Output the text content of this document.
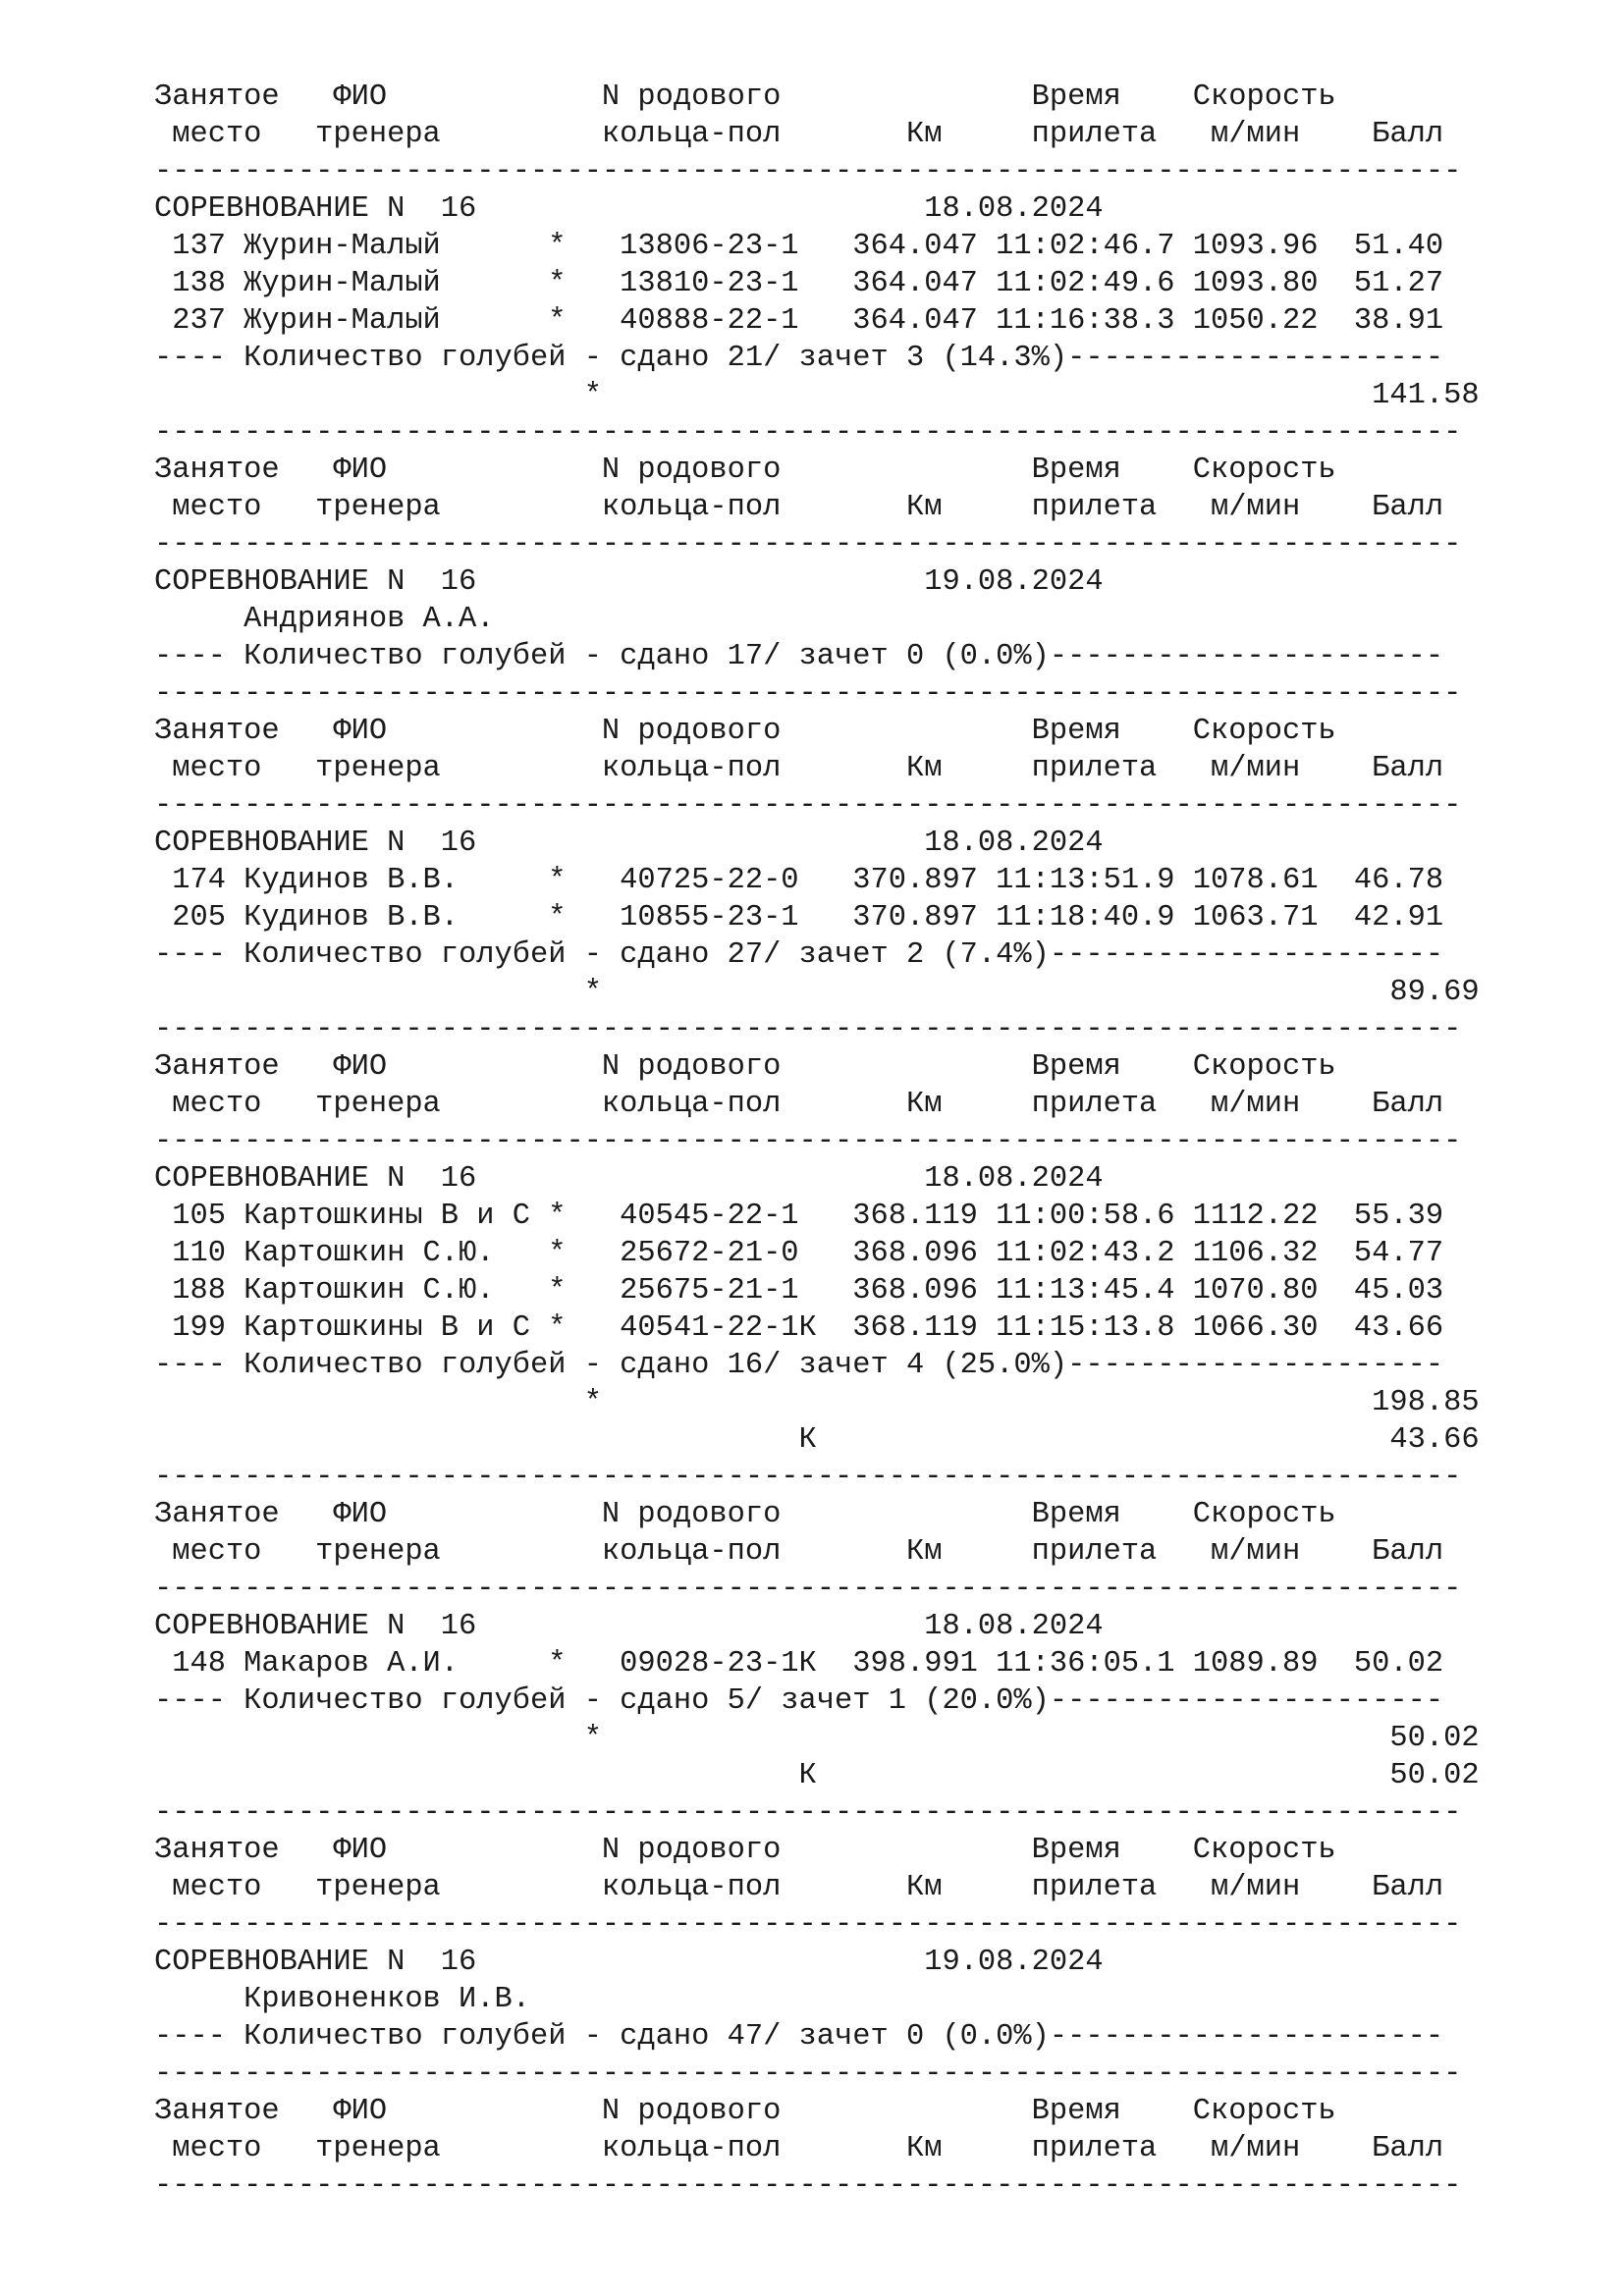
Занятое   ФИО            N родового              Время    Скорость
место   тренера         кольца-пол       Км     прилета   м/мин    Балл
-------------------------------------------------------------------------
СОРЕВНОВАНИЕ N  16                         18.08.2024
137 Журин-Малый      *   13806-23-1   364.047 11:02:46.7 1093.96  51.40
138 Журин-Малый      *   13810-23-1   364.047 11:02:49.6 1093.80  51.27
237 Журин-Малый      *   40888-22-1   364.047 11:16:38.3 1050.22  38.91
---- Количество голубей - сдано 21/ зачет 3 (14.3%)---------------------
*                                           141.58
-------------------------------------------------------------------------
Занятое   ФИО            N родового              Время    Скорость
место   тренера         кольца-пол       Км     прилета   м/мин    Балл
-------------------------------------------------------------------------
СОРЕВНОВАНИЕ N  16                         19.08.2024
Андриянов А.А.
---- Количество голубей - сдано 17/ зачет 0 (0.0%)----------------------
-------------------------------------------------------------------------
Занятое   ФИО            N родового              Время    Скорость
место   тренера         кольца-пол       Км     прилета   м/мин    Балл
-------------------------------------------------------------------------
СОРЕВНОВАНИЕ N  16                         18.08.2024
174 Кудинов В.В.     *   40725-22-0   370.897 11:13:51.9 1078.61  46.78
205 Кудинов В.В.     *   10855-23-1   370.897 11:18:40.9 1063.71  42.91
---- Количество голубей - сдано 27/ зачет 2 (7.4%)----------------------
*                                            89.69
-------------------------------------------------------------------------
Занятое   ФИО            N родового              Время    Скорость
место   тренера         кольца-пол       Км     прилета   м/мин    Балл
-------------------------------------------------------------------------
СОРЕВНОВАНИЕ N  16                         18.08.2024
105 Картошкины В и С *   40545-22-1   368.119 11:00:58.6 1112.22  55.39
110 Картошкин С.Ю.   *   25672-21-0   368.096 11:02:43.2 1106.32  54.77
188 Картошкин С.Ю.   *   25675-21-1   368.096 11:13:45.4 1070.80  45.03
199 Картошкины В и С *   40541-22-1К  368.119 11:15:13.8 1066.30  43.66
---- Количество голубей - сдано 16/ зачет 4 (25.0%)---------------------
*                                           198.85
К                                43.66
-------------------------------------------------------------------------
Занятое   ФИО            N родового              Время    Скорость
место   тренера         кольца-пол       Км     прилета   м/мин    Балл
-------------------------------------------------------------------------
СОРЕВНОВАНИЕ N  16                         18.08.2024
148 Макаров А.И.     *   09028-23-1К  398.991 11:36:05.1 1089.89  50.02
---- Количество голубей - сдано 5/ зачет 1 (20.0%)----------------------
*                                            50.02
К                                50.02
-------------------------------------------------------------------------
Занятое   ФИО            N родового              Время    Скорость
место   тренера         кольца-пол       Км     прилета   м/мин    Балл
-------------------------------------------------------------------------
СОРЕВНОВАНИЕ N  16                         19.08.2024
Кривоненков И.В.
---- Количество голубей - сдано 47/ зачет 0 (0.0%)----------------------
-------------------------------------------------------------------------
Занятое   ФИО            N родового              Время    Скорость
место   тренера         кольца-пол       Км     прилета   м/мин    Балл
-------------------------------------------------------------------------
